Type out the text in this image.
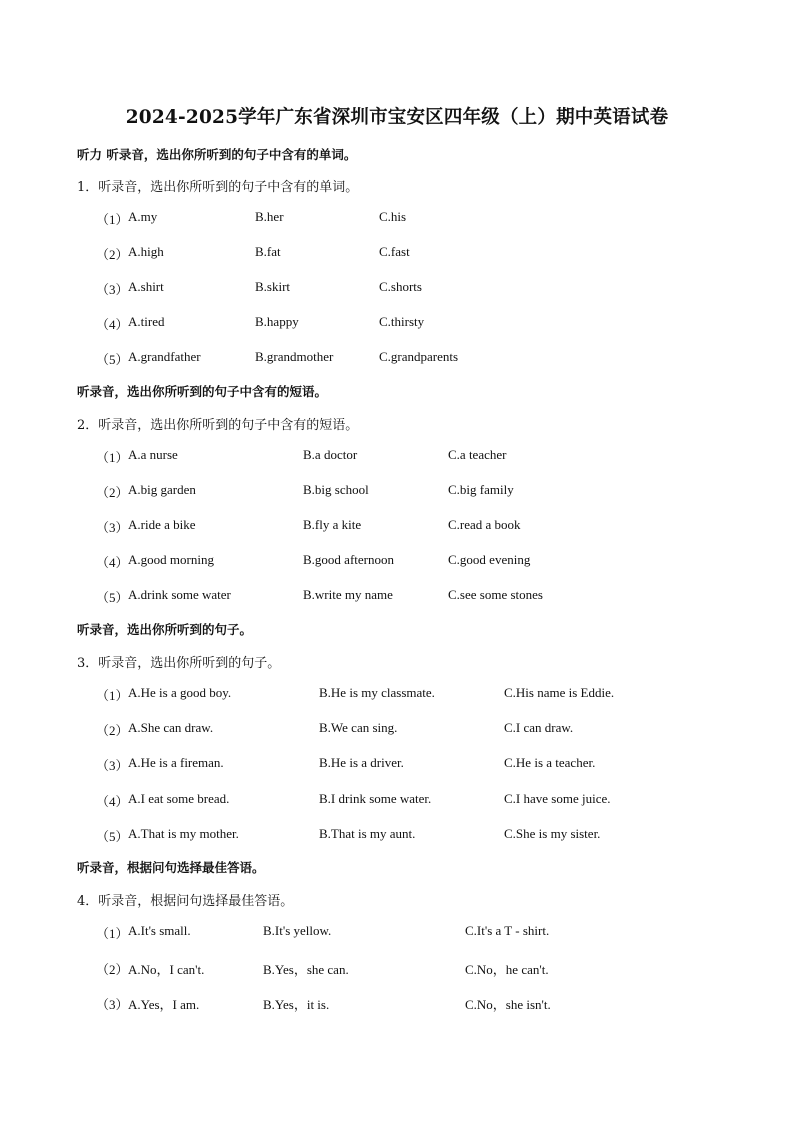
2024-2025学年广东省深圳市宝安区四年级（上）期中英语试卷
听力 听录音，选出你所听到的句子中含有的单词。
1．听录音，选出你所听到的句子中含有的单词。
（1） A.my	B.her	C.his
（2） A.high	B.fat	C.fast
（3） A.shirt	B.skirt	C.shorts
（4） A.tired	B.happy	C.thirsty
（5） A.grandfather	B.grandmother	C.grandparents
听录音，选出你所听到的句子中含有的短语。
2．听录音，选出你所听到的句子中含有的短语。
（1） A.a nurse	B.a doctor	C.a teacher
（2） A.big garden	B.big school	C.big family
（3） A.ride a bike	B.fly a kite	C.read a book
（4） A.good morning	B.good afternoon	C.good evening
（5） A.drink some water	B.write my name	C.see some stones
听录音，选出你所听到的句子。
3．听录音，选出你所听到的句子。
（1） A.He is a good boy.	B.He is my classmate.	C.His name is Eddie.
（2） A.She can draw.	B.We can sing.	C.I can draw.
（3） A.He is a fireman.	B.He is a driver.	C.He is a teacher.
（4） A.I eat some bread.	B.I drink some water.	C.I have some juice.
（5） A.That is my mother.	B.That is my aunt.	C.She is my sister.
听录音，根据问句选择最佳答语。
4．听录音，根据问句选择最佳答语。
（1） A.It's small.	B.It's yellow.	C.It's a T - shirt.
（2） A.No，I can't.	B.Yes，she can.	C.No，he can't.
（3） A.Yes，I am.	B.Yes，it is.	C.No，she isn't.
